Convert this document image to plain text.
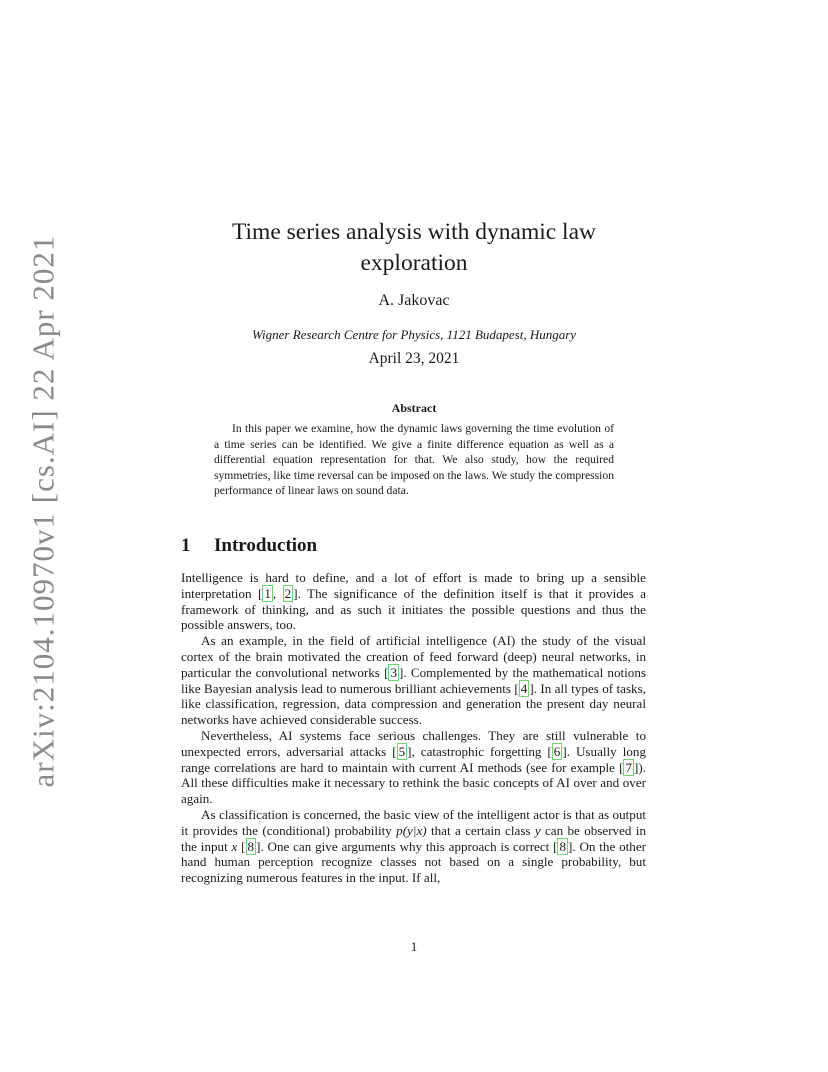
arXiv:2104.10970v1 [cs.AI] 22 Apr 2021
Time series analysis with dynamic law
exploration
A. Jakovac
Wigner Research Centre for Physics, 1121 Budapest, Hungary
April 23, 2021
Abstract
In this paper we examine, how the dynamic laws governing the time evolution of a time series can be identified. We give a finite difference equation as well as a differential equation representation for that. We also study, how the required symmetries, like time reversal can be imposed on the laws. We study the compression performance of linear laws on sound data.
1 Introduction

Intelligence is hard to define, and a lot of effort is made to bring up a sensible interpretation [ 1 , 2 ]. The significance of the definition itself is that it provides a framework of thinking, and as such it initiates the possible questions and thus the possible answers, too.

As an example, in the field of artificial intelligence (AI) the study of the visual cortex of the brain motivated the creation of feed forward (deep) neural networks, in particular the convolutional networks [ 3 ]. Complemented by the mathematical notions like Bayesian analysis lead to numerous brilliant achievements [ 4 ]. In all types of tasks, like classification, regression, data compression and generation the present day neural networks have achieved considerable success.

Nevertheless, AI systems face serious challenges. They are still vulnerable to unexpected errors, adversarial attacks [ 5 ], catastrophic forgetting [ 6 ]. Usually long range correlations are hard to maintain with current AI methods (see for example [ 7 ]). All these difficulties make it necessary to rethink the basic concepts of AI over and over again.

As classification is concerned, the basic view of the intelligent actor is that as output it provides the (conditional) probability p(y|x) that a certain class y can be observed in the input x [ 8 ]. One can give arguments why this approach is correct [ 8 ]. On the other hand human perception recognize classes not based on a single probability, but recognizing numerous features in the input. If all,

1
